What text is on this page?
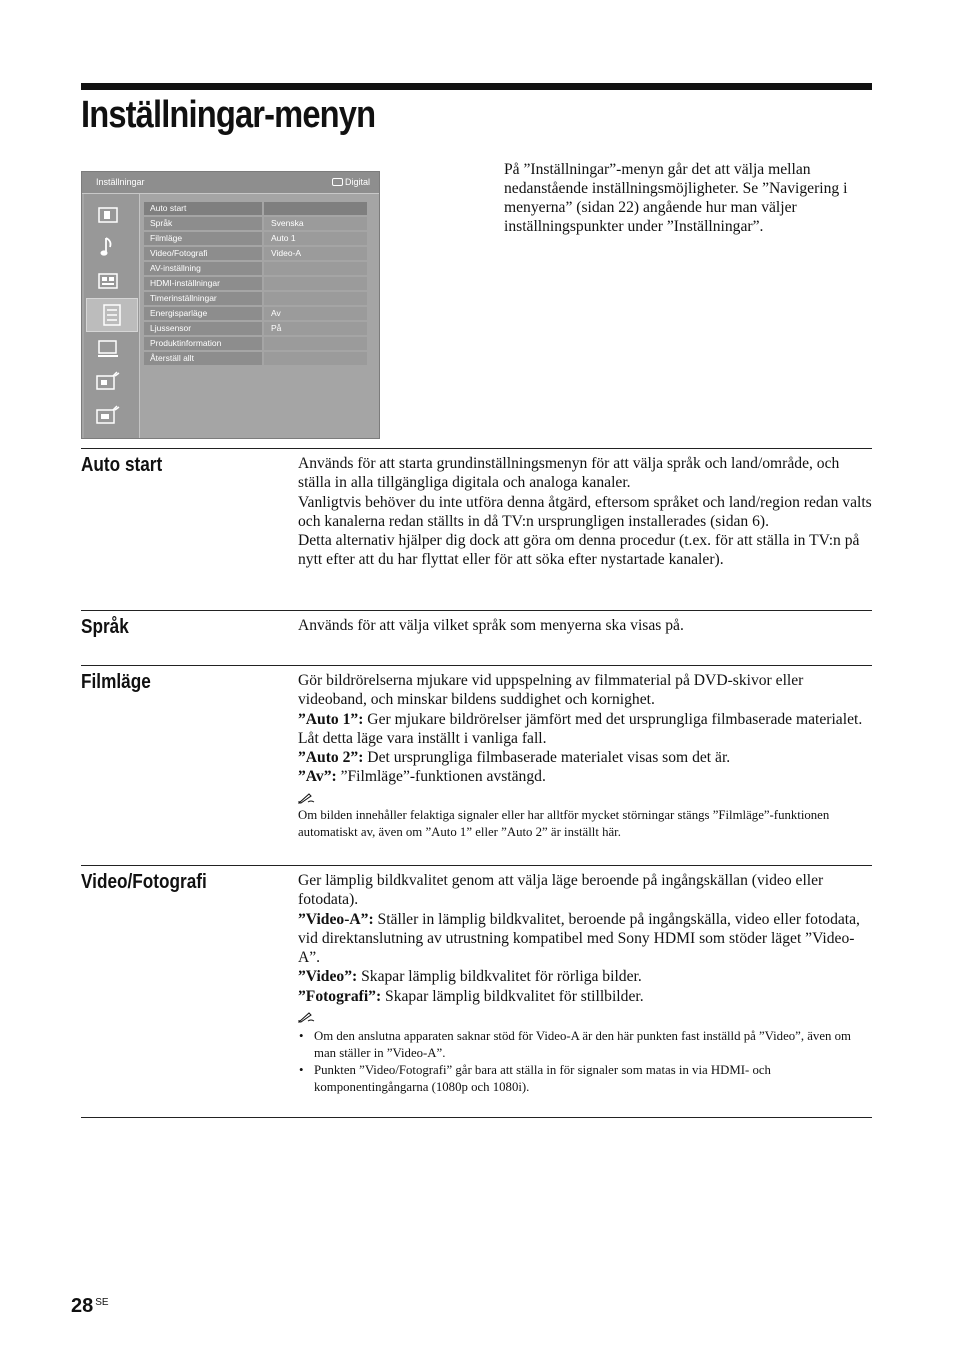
Inställningar-menyn

På ”Inställningar”-menyn går det att välja mellan nedanstående inställningsmöjligheter. Se ”Navigering i menyerna” (sidan 22) angående hur man väljer inställningspunkter under ”Inställningar”.

Inställningar	Digital
Auto start
Språk	Svenska
Filmläge	Auto 1
Video/Fotografi	Video-A
AV-inställning
HDMI-inställningar
Timerinställningar
Energisparläge	Av
Ljussensor	På
Produktinformation
Återställ allt
Auto start	Används för att starta grundinställningsmenyn för att välja språk och land/område, och ställa in alla tillgängliga digitala och analoga kanaler.

Vanligtvis behöver du inte utföra denna åtgärd, eftersom språket och land/region redan valts och kanalerna redan ställts in då TV:n ursprungligen installerades (sidan 6).

Detta alternativ hjälper dig dock att göra om denna procedur (t.ex. för att ställa in TV:n på nytt efter att du har flyttat eller för att söka efter nystartade kanaler).

Språk	Används för att välja vilket språk som menyerna ska visas på.

Filmläge	Gör bildrörelserna mjukare vid uppspelning av filmmaterial på DVD-skivor eller videoband, och minskar bildens suddighet och kornighet.

”Auto 1”: Ger mjukare bildrörelser jämfört med det ursprungliga filmbaserade materialet. Låt detta läge vara inställt i vanliga fall.

”Auto 2”: Det ursprungliga filmbaserade materialet visas som det är.

”Av”: ”Filmläge”-funktionen avstängd.

Om bilden innehåller felaktiga signaler eller har alltför mycket störningar stängs ”Filmläge”-funktionen automatiskt av, även om ”Auto 1” eller ”Auto 2” är inställt här.

Video/Fotografi	Ger lämplig bildkvalitet genom att välja läge beroende på ingångskällan (video eller fotodata).

”Video-A”: Ställer in lämplig bildkvalitet, beroende på ingångskälla, video eller fotodata, vid direktanslutning av utrustning kompatibel med Sony HDMI som stöder läget ”Video-A”.

”Video”: Skapar lämplig bildkvalitet för rörliga bilder.

”Fotografi”: Skapar lämplig bildkvalitet för stillbilder.

• Om den anslutna apparaten saknar stöd för Video-A är den här punkten fast inställd på ”Video”, även om man ställer in ”Video-A”.
• Punkten ”Video/Fotografi” går bara att ställa in för signaler som matas in via HDMI- och komponentingångarna (1080p och 1080i).
28 $^{SE}$
